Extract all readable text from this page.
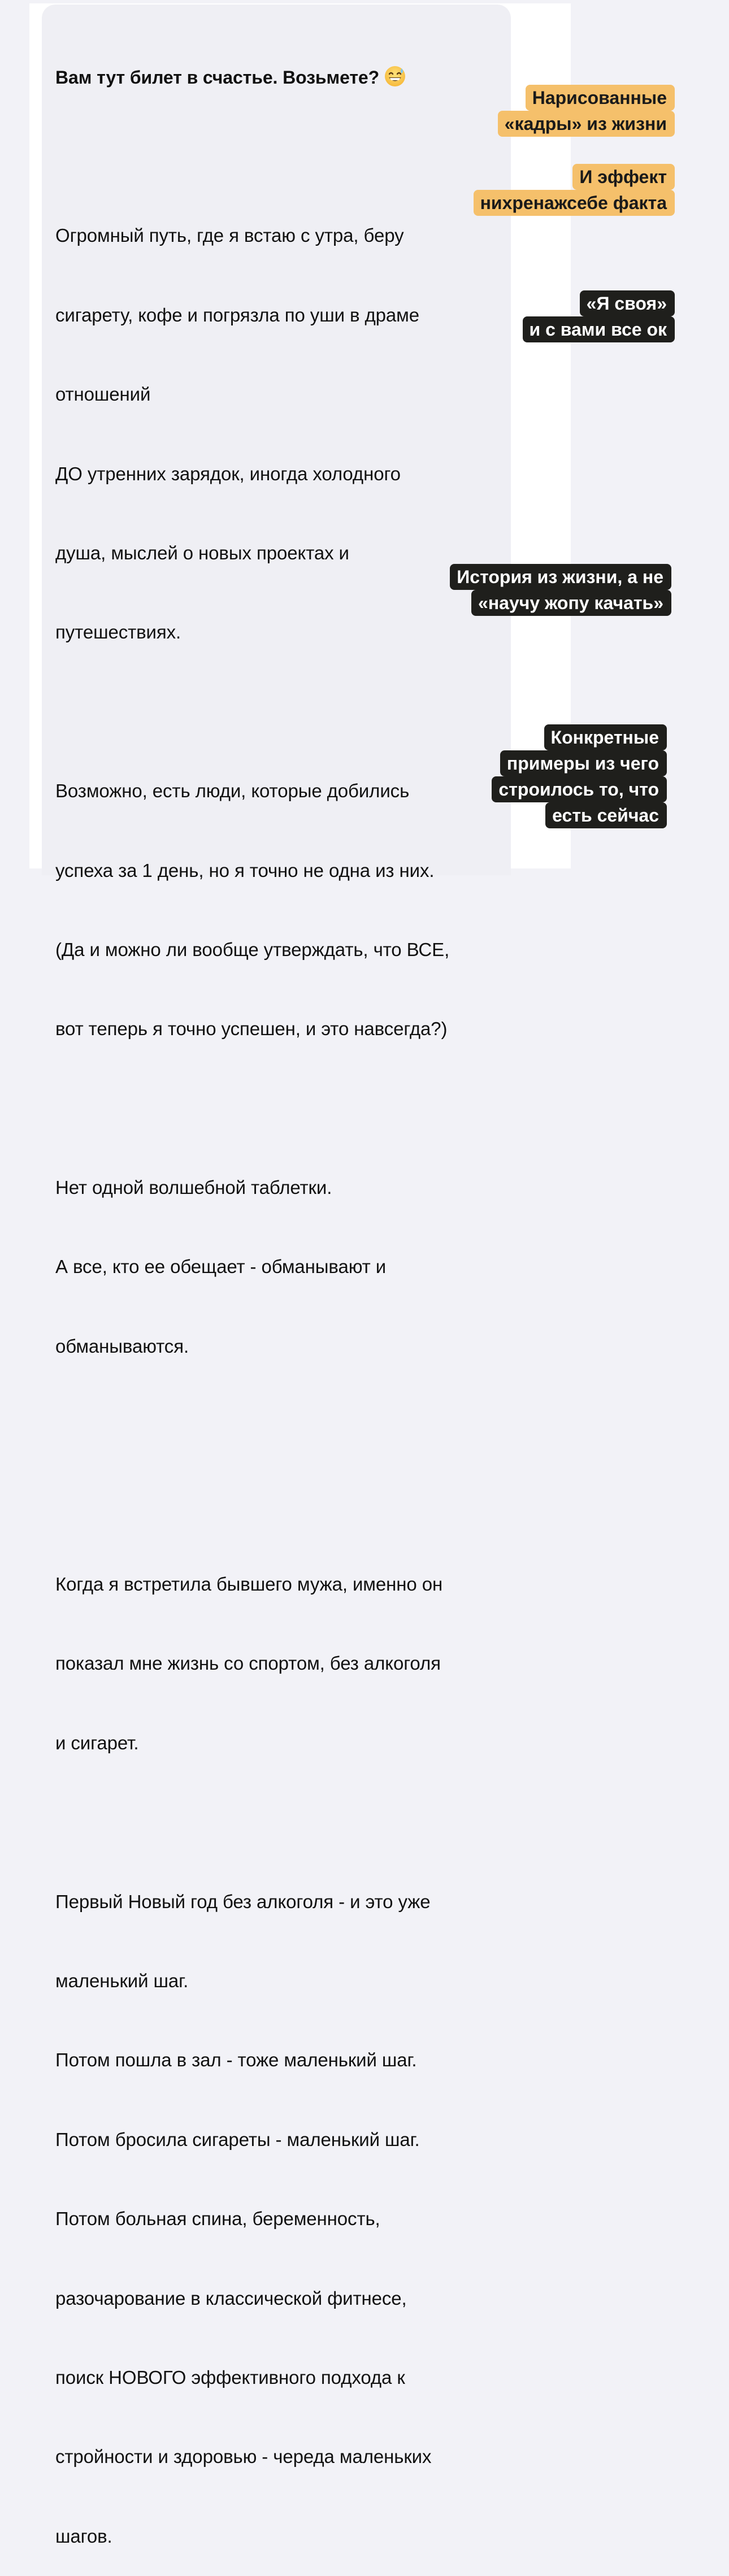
Вам тут билет в счастье. Возьмете?

Огромный путь, где я встаю с утра, беру

сигарету, кофе и погрязла по уши в драме

отношений

ДО утренних зарядок, иногда холодного

душа, мыслей о новых проектах и

путешествиях.

Возможно, есть люди, которые добились

успеха за 1 день, но я точно не одна из них.

(Да и можно ли вообще утверждать, что ВСЕ,

вот теперь я точно успешен, и это навсегда?)

Нет одной волшебной таблетки.

А все, кто ее обещает - обманывают и

обманываются.

Когда я встретила бывшего мужа, именно он

показал мне жизнь со спортом, без алкоголя

и сигарет.

Первый Новый год без алкоголя - и это уже

маленький шаг.

Потом пошла в зал - тоже маленький шаг.

Потом бросила сигареты - маленький шаг.

Потом больная спина, беременность,

разочарование в классической фитнесе,

поиск НОВОГО эффективного подхода к

стройности и здоровью - череда маленьких

шагов.

Нарисованные
«кадры» из жизни
И эффект
нихренажсебе факта
«Я своя»
и с вами все ок
История из жизни, а не
«научу жопу качать»
Конкретные
примеры из чего
строилось то, что
есть сейчас
